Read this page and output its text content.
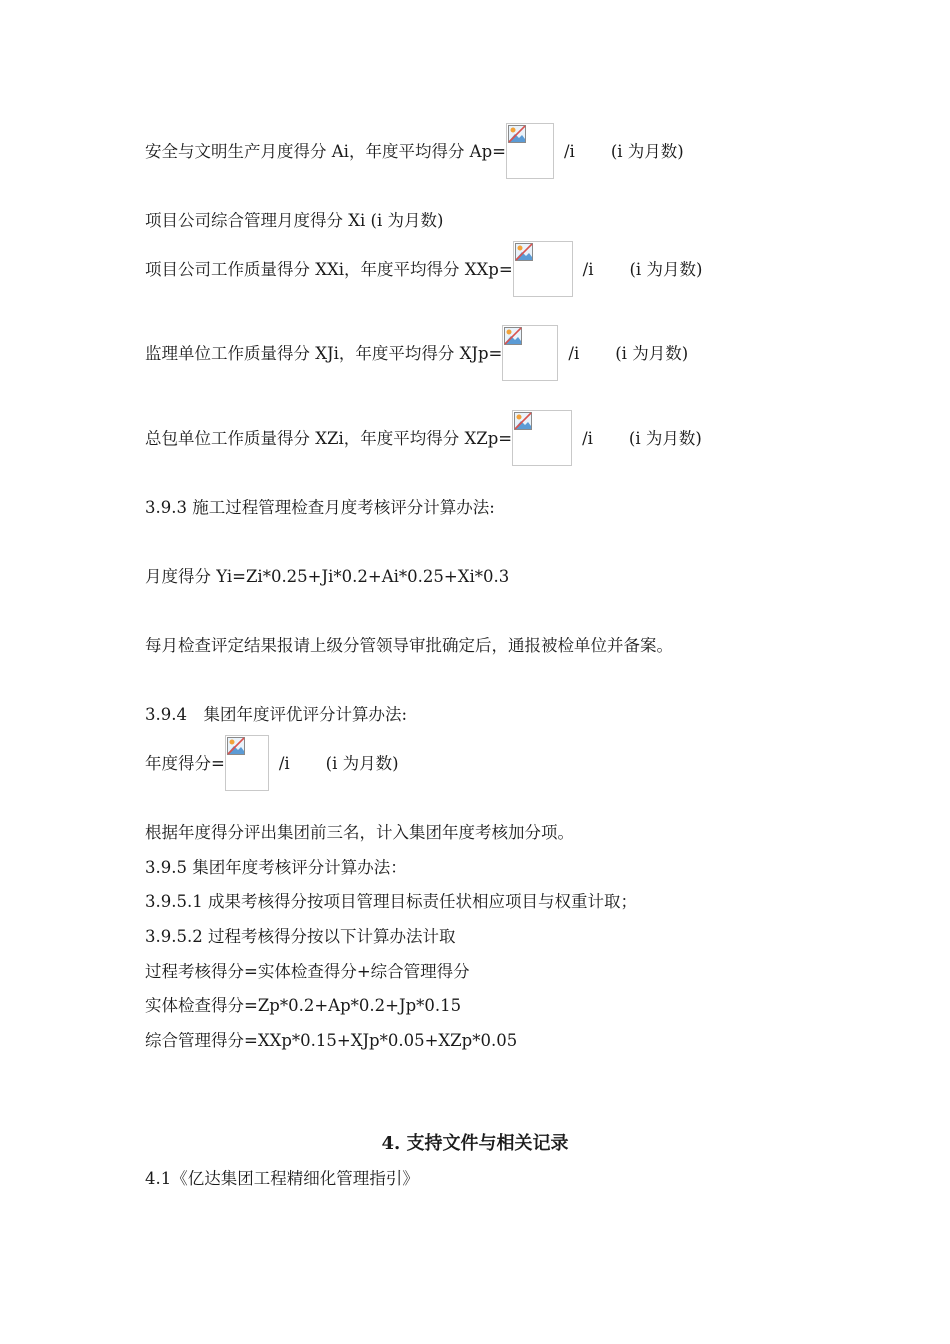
安全与文明生产月度得分 Ai，年度平均得分 Ap=	/i (i 为月数)
项目公司综合管理月度得分 Xi (i 为月数)
项目公司工作质量得分 XXi，年度平均得分 XXp=	/i (i 为月数)
监理单位工作质量得分 XJi，年度平均得分 XJp=	/i (i 为月数)
总包单位工作质量得分 XZi，年度平均得分 XZp=	/i (i 为月数)
3.9.3 施工过程管理检查月度考核评分计算办法:
月度得分 Yi=Zi*0.25+Ji*0.2+Ai*0.25+Xi*0.3
每月检查评定结果报请上级分管领导审批确定后，通报被检单位并备案。
3.9.4　集团年度评优评分计算办法:
年度得分=	/i (i 为月数)
根据年度得分评出集团前三名，计入集团年度考核加分项。
3.9.5 集团年度考核评分计算办法：
3.9.5.1 成果考核得分按项目管理目标责任状相应项目与权重计取；
3.9.5.2 过程考核得分按以下计算办法计取
过程考核得分=实体检查得分+综合管理得分
实体检查得分=Zp*0.2+Ap*0.2+Jp*0.15
综合管理得分=XXp*0.15+XJp*0.05+XZp*0.05
4. 支持文件与相关记录
4.1《亿达集团工程精细化管理指引》
